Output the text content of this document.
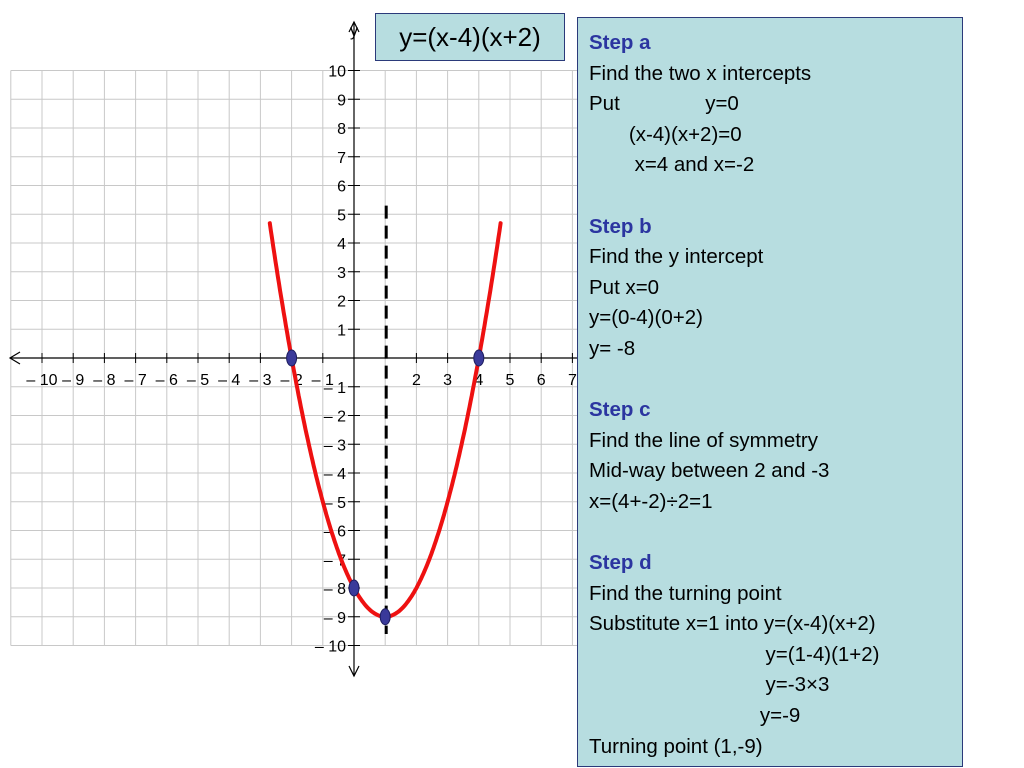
– 10 – 9 – 8 – 7 – 6 – 5 – 4 – 3 – 2 – 1	2 3 4 5 6 7
10
9
8
7
6
5
4
3
2
1
– 1
– 2
– 3
– 4
– 5
– 6
– 7
– 8
– 9
– 10
y	y=(x-4)(x+2)	Step a
Find the two x intercepts
Put               y=0
(x-4)(x+2)=0
x=4 and x=-2
Step b
Find the y intercept
Put x=0
y=(0-4)(0+2)
y= -8
Step c
Find the line of symmetry
Mid-way between 2 and -3
x=(4+-2)÷2=1
Step d
Find the turning point
Substitute x=1 into y=(x-4)(x+2)
y=(1-4)(1+2)
y=-3×3
y=-9
Turning point (1,-9)
